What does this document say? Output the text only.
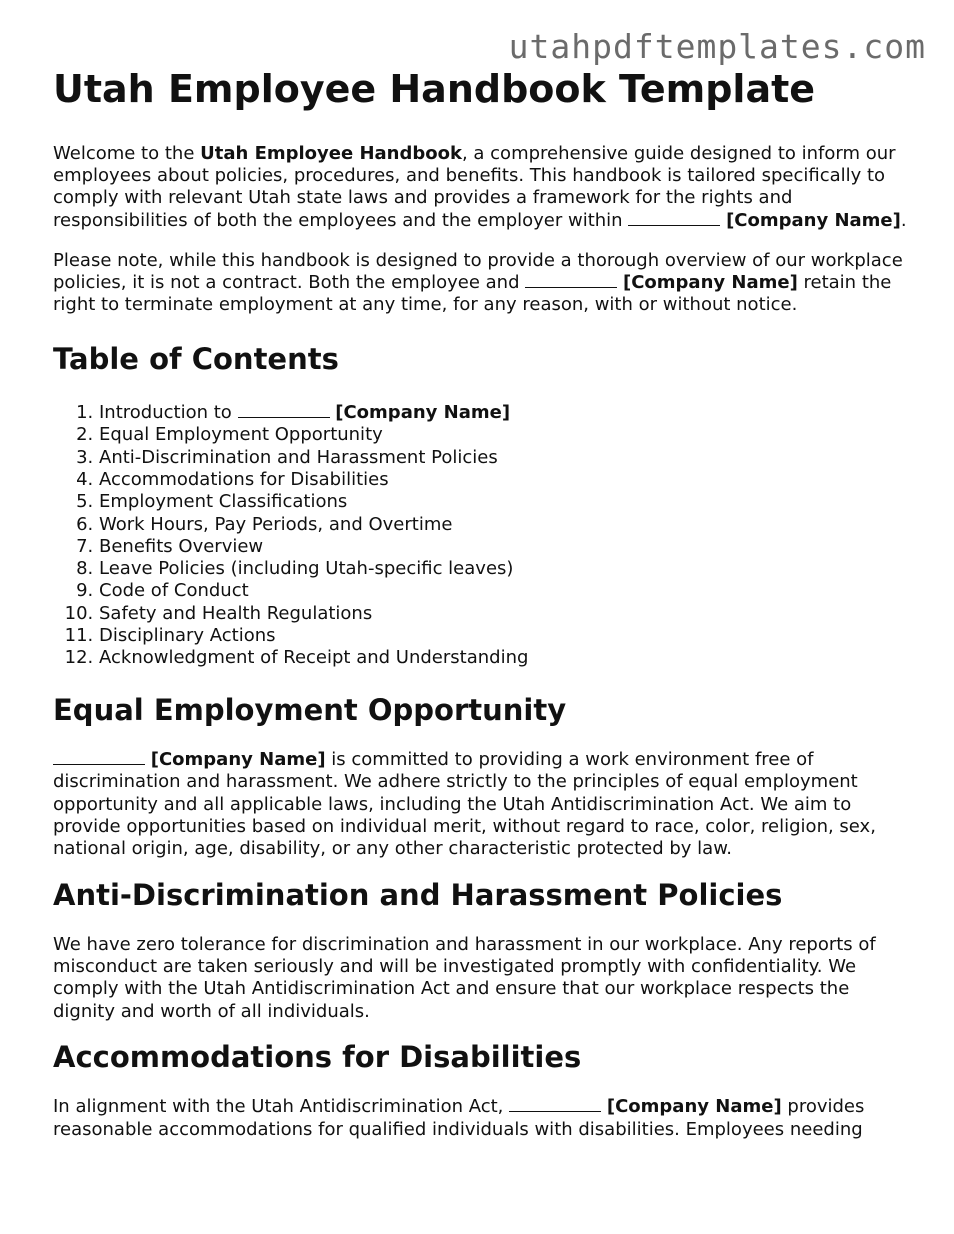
utahpdftemplates.com
Utah Employee Handbook Template

Welcome to the Utah Employee Handbook, a comprehensive guide designed to inform our employees about policies, procedures, and benefits. This handbook is tailored specifically to comply with relevant Utah state laws and provides a framework for the rights and responsibilities of both the employees and the employer within	[Company Name].

Please note, while this handbook is designed to provide a thorough overview of our workplace policies, it is not a contract. Both the employee and	[Company Name] retain the right to terminate employment at any time, for any reason, with or without notice.

Table of Contents
1. Introduction to	[Company Name]
2. Equal Employment Opportunity
3. Anti-Discrimination and Harassment Policies
4. Accommodations for Disabilities
5. Employment Classifications
6. Work Hours, Pay Periods, and Overtime
7. Benefits Overview
8. Leave Policies (including Utah-specific leaves)
9. Code of Conduct
10. Safety and Health Regulations
11. Disciplinary Actions
12. Acknowledgment of Receipt and Understanding
Equal Employment Opportunity

[Company Name] is committed to providing a work environment free of discrimination and harassment. We adhere strictly to the principles of equal employment opportunity and all applicable laws, including the Utah Antidiscrimination Act. We aim to provide opportunities based on individual merit, without regard to race, color, religion, sex, national origin, age, disability, or any other characteristic protected by law.

Anti-Discrimination and Harassment Policies

We have zero tolerance for discrimination and harassment in our workplace. Any reports of misconduct are taken seriously and will be investigated promptly with confidentiality. We comply with the Utah Antidiscrimination Act and ensure that our workplace respects the dignity and worth of all individuals.

Accommodations for Disabilities

In alignment with the Utah Antidiscrimination Act,	[Company Name] provides reasonable accommodations for qualified individuals with disabilities. Employees needing
